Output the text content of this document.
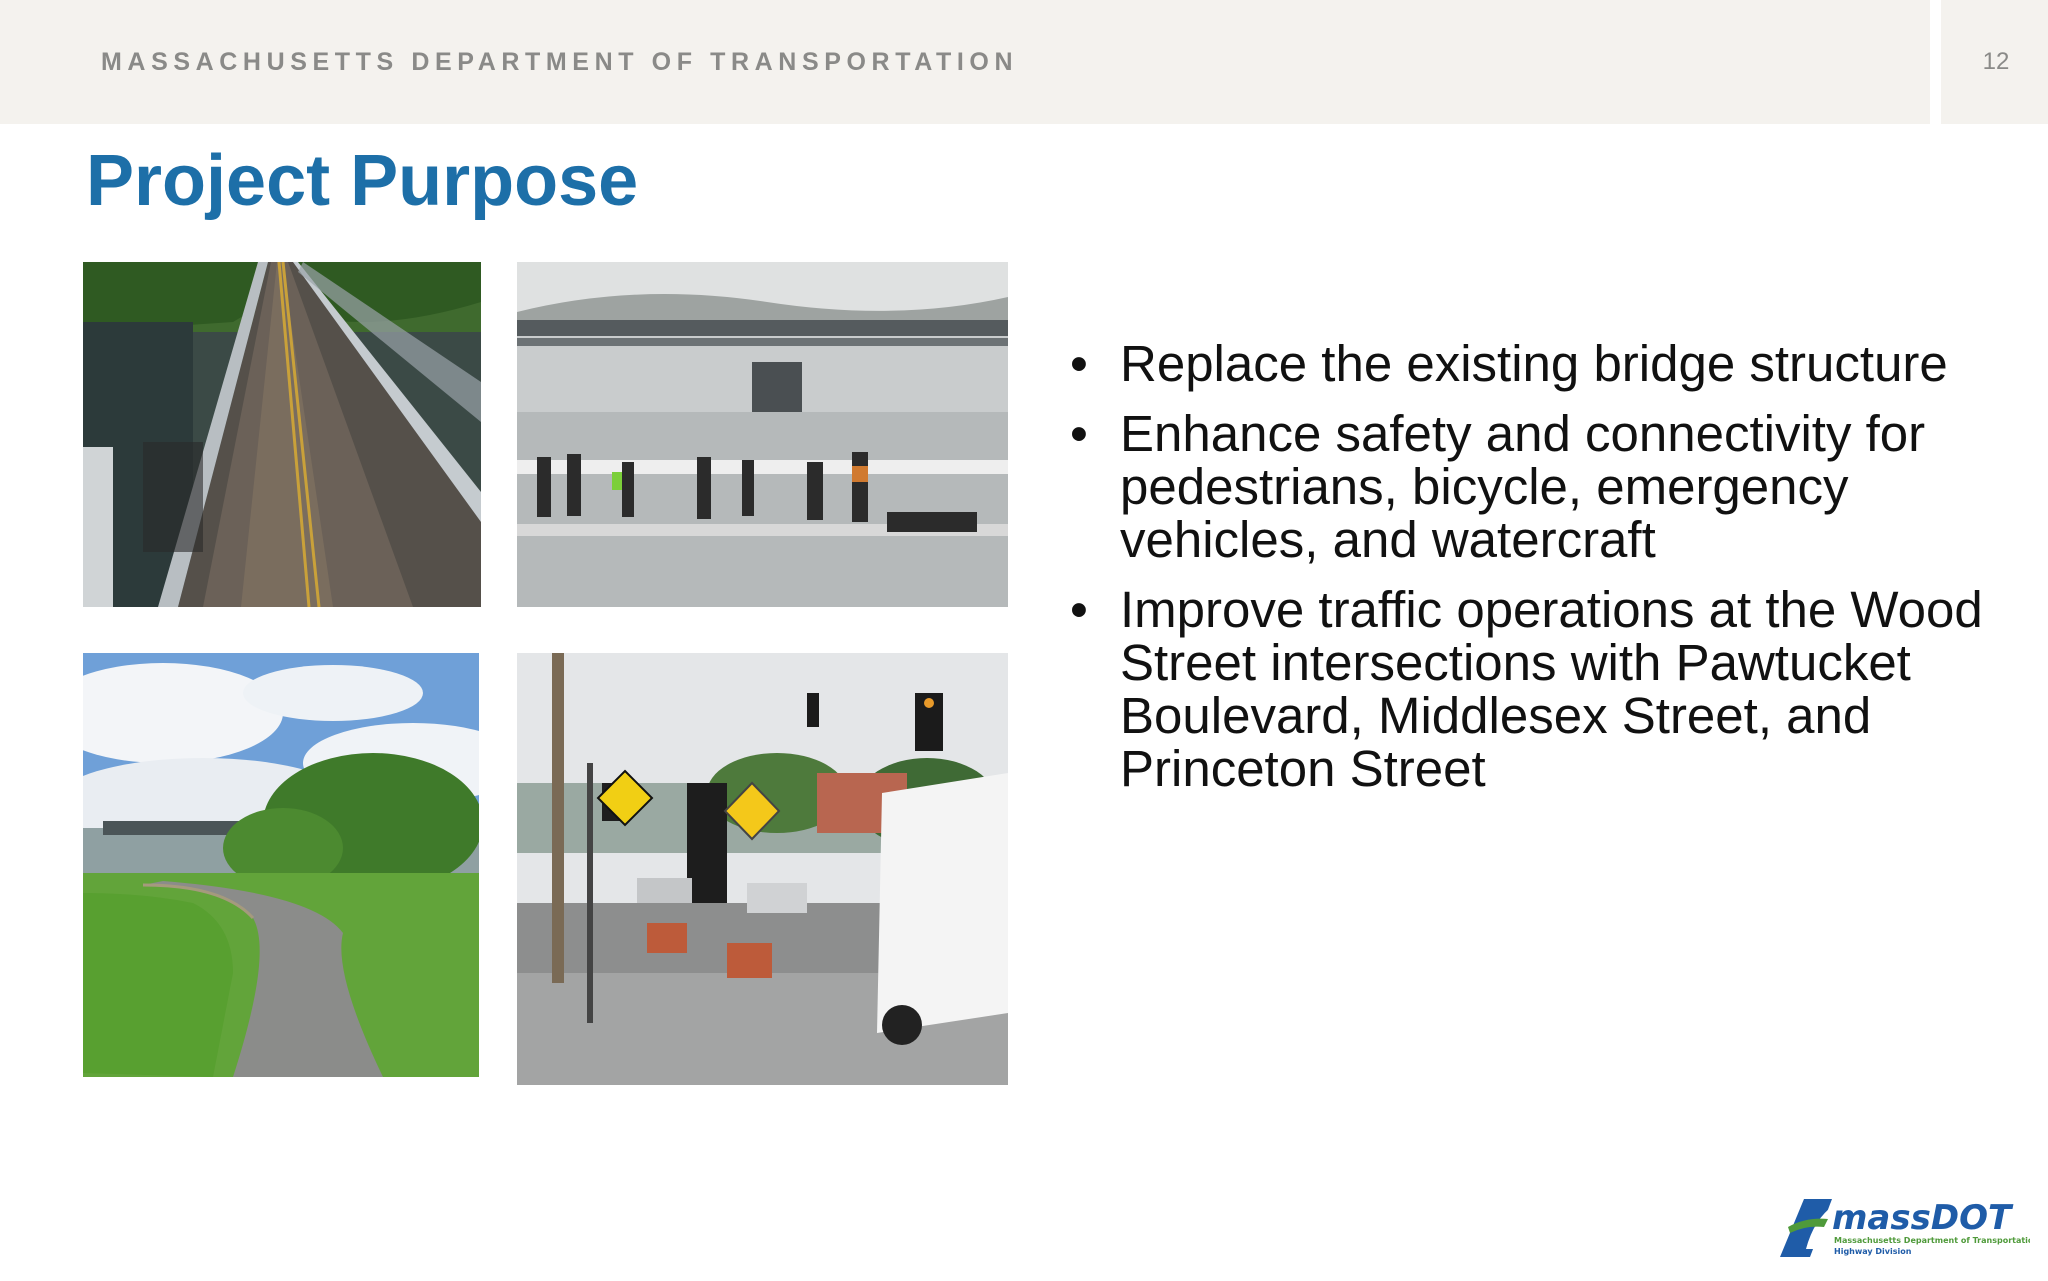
MASSACHUSETTS DEPARTMENT OF TRANSPORTATION	12
Project Purpose
• Replace the existing bridge structure
• Enhance safety and connectivity for pedestrians, bicycle, emergency vehicles, and watercraft
• Improve traffic operations at the Wood Street intersections with Pawtucket Boulevard, Middlesex Street, and Princeton Street
massDOT
Massachusetts Department of Transportation
Highway Division
